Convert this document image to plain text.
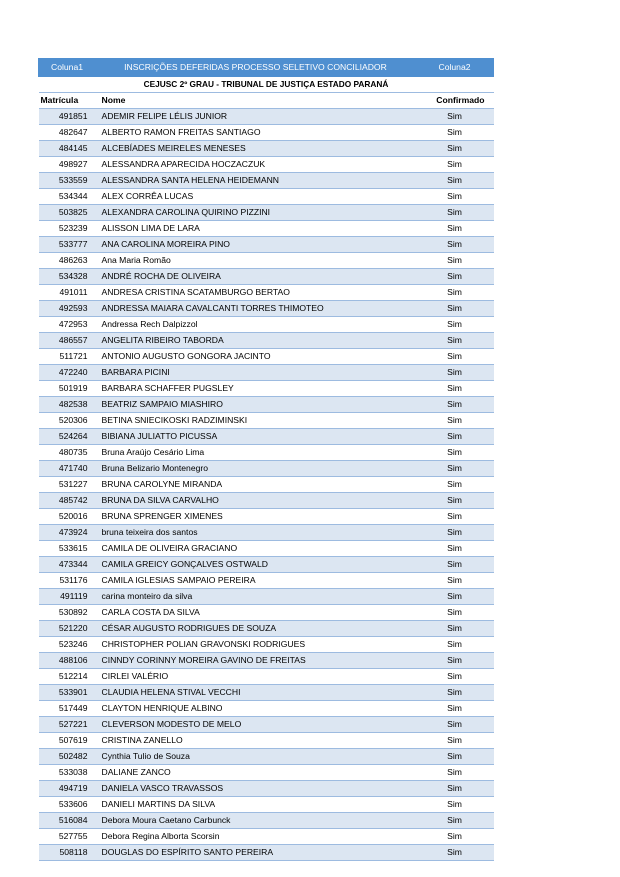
Coluna1	INSCRIÇÕES DEFERIDAS PROCESSO SELETIVO CONCILIADOR	Coluna2
CEJUSC 2º GRAU - TRIBUNAL DE JUSTIÇA ESTADO PARANÁ		
Matrícula	Nome	Confirmado
491851	ADEMIR FELIPE LÉLIS JUNIOR	Sim
482647	ALBERTO RAMON FREITAS SANTIAGO	Sim
484145	ALCEBÍADES MEIRELES MENESES	Sim
498927	ALESSANDRA APARECIDA HOCZACZUK	Sim
533559	ALESSANDRA SANTA HELENA HEIDEMANN	Sim
534344	ALEX CORRÊA LUCAS	Sim
503825	ALEXANDRA CAROLINA QUIRINO PIZZINI	Sim
523239	ALISSON LIMA DE LARA	Sim
533777	ANA CAROLINA MOREIRA PINO	Sim
486263	Ana Maria Romão	Sim
534328	ANDRÉ ROCHA DE OLIVEIRA	Sim
491011	ANDRESA CRISTINA SCATAMBURGO BERTAO	Sim
492593	ANDRESSA MAIARA CAVALCANTI TORRES THIMOTEO	Sim
472953	Andressa Rech Dalpizzol	Sim
486557	ANGELITA RIBEIRO TABORDA	Sim
511721	ANTONIO AUGUSTO GONGORA JACINTO	Sim
472240	BARBARA PICINI	Sim
501919	BARBARA SCHAFFER PUGSLEY	Sim
482538	BEATRIZ SAMPAIO MIASHIRO	Sim
520306	BETINA SNIECIKOSKI RADZIMINSKI	Sim
524264	BIBIANA JULIATTO PICUSSA	Sim
480735	Bruna Araújo Cesário Lima	Sim
471740	Bruna Belizario Montenegro	Sim
531227	BRUNA CAROLYNE MIRANDA	Sim
485742	BRUNA DA SILVA CARVALHO	Sim
520016	BRUNA SPRENGER XIMENES	Sim
473924	bruna teixeira dos santos	Sim
533615	CAMILA DE OLIVEIRA GRACIANO	Sim
473344	CAMILA GREICY GONÇALVES OSTWALD	Sim
531176	CAMILA IGLESIAS SAMPAIO PEREIRA	Sim
491119	carina monteiro da silva	Sim
530892	CARLA COSTA DA SILVA	Sim
521220	CÉSAR AUGUSTO RODRIGUES DE SOUZA	Sim
523246	CHRISTOPHER POLIAN GRAVONSKI RODRIGUES	Sim
488106	CINNDY CORINNY MOREIRA GAVINO DE FREITAS	Sim
512214	CIRLEI VALÉRIO	Sim
533901	CLAUDIA HELENA STIVAL VECCHI	Sim
517449	CLAYTON HENRIQUE ALBINO	Sim
527221	CLEVERSON MODESTO DE MELO	Sim
507619	CRISTINA ZANELLO	Sim
502482	Cynthia Tulio de Souza	Sim
533038	DALIANE ZANCO	Sim
494719	DANIELA VASCO TRAVASSOS	Sim
533606	DANIELI MARTINS DA SILVA	Sim
516084	Debora Moura Caetano Carbunck	Sim
527755	Debora Regina Alborta Scorsin	Sim
508118	DOUGLAS DO ESPÍRITO SANTO PEREIRA	Sim
